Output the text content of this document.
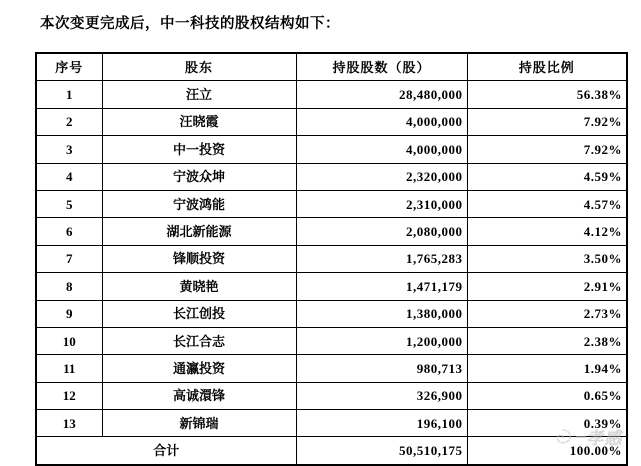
本次变更完成后，中一科技的股权结构如下：

序号	股东	持股股数（股）	持股比例
1	汪立	28,480,000	56.38%
2	汪晓霞	4,000,000	7.92%
3	中一投资	4,000,000	7.92%
4	宁波众坤	2,320,000	4.59%
5	宁波鸿能	2,310,000	4.57%
6	湖北新能源	2,080,000	4.12%
7	锋顺投资	1,765,283	3.50%
8	黄晓艳	1,471,179	2.91%
9	长江创投	1,380,000	2.73%
10	长江合志	1,200,000	2.38%
11	通瀛投资	980,713	1.94%
12	高诚澴锋	326,900	0.65%
13	新锦瑞	196,100	0.39%
合计		50,510,175	100.00%
孝感
